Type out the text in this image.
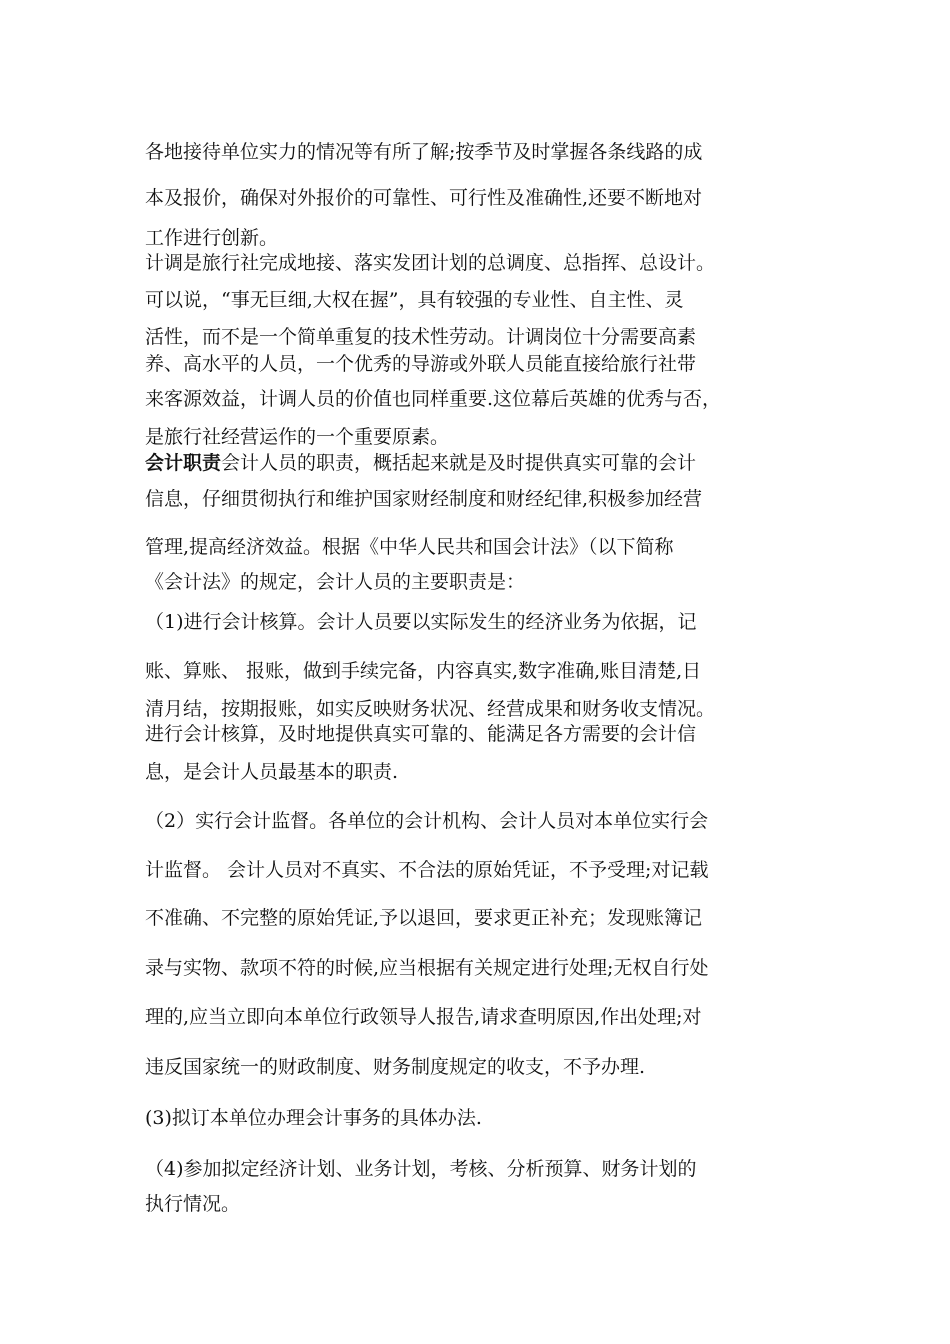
各地接待单位实力的情况等有所了解;按季节及时掌握各条线路的成

本及报价，确保对外报价的可靠性、可行性及准确性,还要不断地对

工作进行创新。

计调是旅行社完成地接、落实发团计划的总调度、总指挥、总设计。

可以说，“事无巨细,大权在握”，具有较强的专业性、自主性、灵

活性，而不是一个简单重复的技术性劳动。计调岗位十分需要高素

养、高水平的人员，一个优秀的导游或外联人员能直接给旅行社带

来客源效益，计调人员的价值也同样重要.这位幕后英雄的优秀与否，

是旅行社经营运作的一个重要原素。

会计职责会计人员的职责，概括起来就是及时提供真实可靠的会计

信息，仔细贯彻执行和维护国家财经制度和财经纪律,积极参加经营

管理,提高经济效益。根据《中华人民共和国会计法》（以下简称

《会计法》的规定，会计人员的主要职责是：

（1)进行会计核算。会计人员要以实际发生的经济业务为依据，记

账、算账、 报账，做到手续完备，内容真实,数字准确,账目清楚,日

清月结，按期报账，如实反映财务状况、经营成果和财务收支情况。

进行会计核算，及时地提供真实可靠的、能满足各方需要的会计信

息，是会计人员最基本的职责.

（2）实行会计监督。各单位的会计机构、会计人员对本单位实行会

计监督。 会计人员对不真实、不合法的原始凭证，不予受理;对记载

不准确、不完整的原始凭证,予以退回，要求更正补充；发现账簿记

录与实物、款项不符的时候,应当根据有关规定进行处理;无权自行处

理的,应当立即向本单位行政领导人报告,请求查明原因,作出处理;对

违反国家统一的财政制度、财务制度规定的收支，不予办理.

(3)拟订本单位办理会计事务的具体办法.

（4)参加拟定经济计划、业务计划，考核、分析预算、财务计划的

执行情况。
